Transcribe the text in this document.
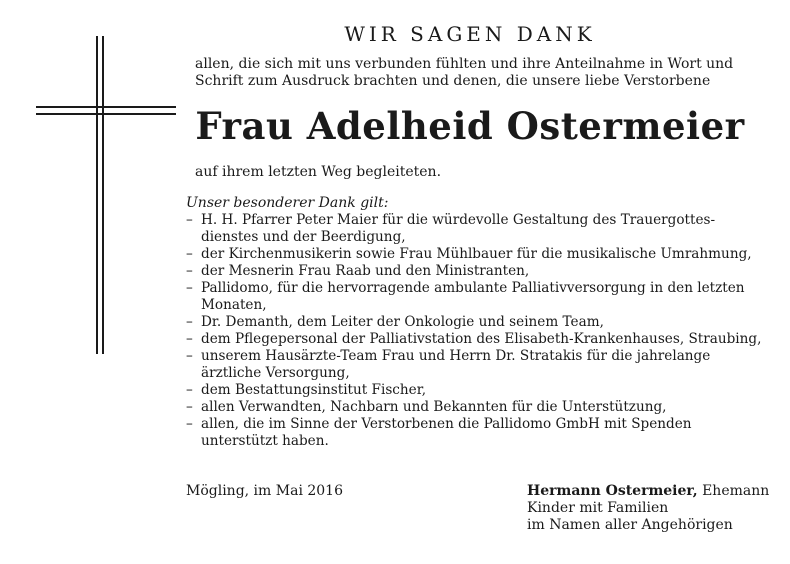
WIR SAGEN DANK
allen, die sich mit uns verbunden fühlten und ihre Anteilnahme in Wort und Schrift zum Ausdruck brachten und denen, die unsere liebe Verstorbene
Frau Adelheid Ostermeier
auf ihrem letzten Weg begleiteten.
Unser besonderer Dank gilt:
– H. H. Pfarrer Peter Maier für die würdevolle Gestaltung des Trauergottes-dienstes und der Beerdigung,
– der Kirchenmusikerin sowie Frau Mühlbauer für die musikalische Umrahmung,
– der Mesnerin Frau Raab und den Ministranten,
– Pallidomo, für die hervorragende ambulante Palliativversorgung in den letzten Monaten,
– Dr. Demanth, dem Leiter der Onkologie und seinem Team,
– dem Pflegepersonal der Palliativstation des Elisabeth-Krankenhauses, Straubing,
– unserem Hausärzte-Team Frau und Herrn Dr. Stratakis für die jahrelange ärztliche Versorgung,
– dem Bestattungsinstitut Fischer,
– allen Verwandten, Nachbarn und Bekannten für die Unterstützung,
– allen, die im Sinne der Verstorbenen die Pallidomo GmbH mit Spenden unterstützt haben.
Mögling, im Mai 2016	Hermann Ostermeier, Ehemann
Kinder mit Familien
im Namen aller Angehörigen
